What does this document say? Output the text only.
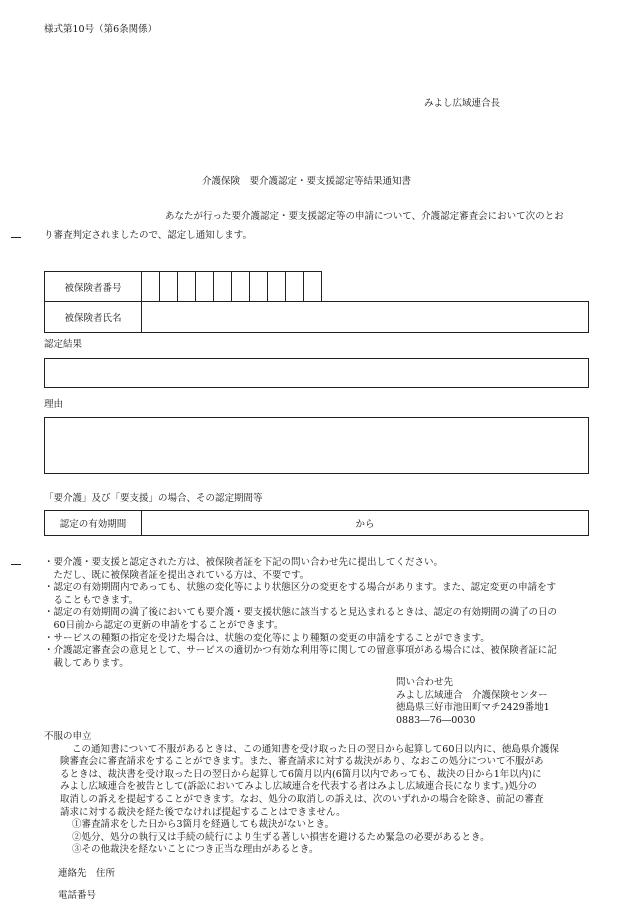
様式第10号（第6条関係）
みよし広域連合長
介護保険　要介護認定・要支援認定等結果通知書
あなたが行った要介護認定・要支援認定等の申請について、介護認定審査会において次のとお
り審査判定されましたので、認定し通知します。
被保険者番号											
被保険者氏名											
認定結果
理由
「要介護」及び「要支援」の場合、その認定期間等
認定の有効期間	から
・要介護・要支援と認定された方は、被保険者証を下記の問い合わせ先に提出してください。
　ただし、既に被保険者証を提出されている方は、不要です。
・認定の有効期間内であっても、状態の変化等により状態区分の変更をする場合があります。また、認定変更の申請をす
　ることもできます。
・認定の有効期間の満了後においても要介護・要支援状態に該当すると見込まれるときは、認定の有効期間の満了の日の
　60日前から認定の更新の申請をすることができます。
・サービスの種類の指定を受けた場合は、状態の変化等により種類の変更の申請をすることができます。
・介護認定審査会の意見として、サービスの適切かつ有効な利用等に関しての留意事項がある場合には、被保険者証に記
　載してあります。
問い合わせ先
みよし広域連合　介護保険センター
徳島県三好市池田町マチ2429番地1
0883―76―0030
不服の申立
この通知書について不服があるときは、この通知書を受け取った日の翌日から起算して60日以内に、徳島県介護保
険審査会に審査請求をすることができます。また、審査請求に対する裁決があり、なおこの処分について不服があ
るときは、裁決書を受け取った日の翌日から起算して6箇月以内(6箇月以内であっても、裁決の日から1年以内)に
みよし広域連合を被告として(訴訟においてみよし広域連合を代表する者はみよし広域連合長になります。)処分の
取消しの訴えを提起することができます。なお、処分の取消しの訴えは、次のいずれかの場合を除き、前記の審査
請求に対する裁決を経た後でなければ提起することはできません。
①審査請求をした日から3箇月を経過しても裁決がないとき。
②処分、処分の執行又は手続の続行により生ずる著しい損害を避けるため緊急の必要があるとき。
③その他裁決を経ないことにつき正当な理由があるとき。
連絡先　住所
電話番号
